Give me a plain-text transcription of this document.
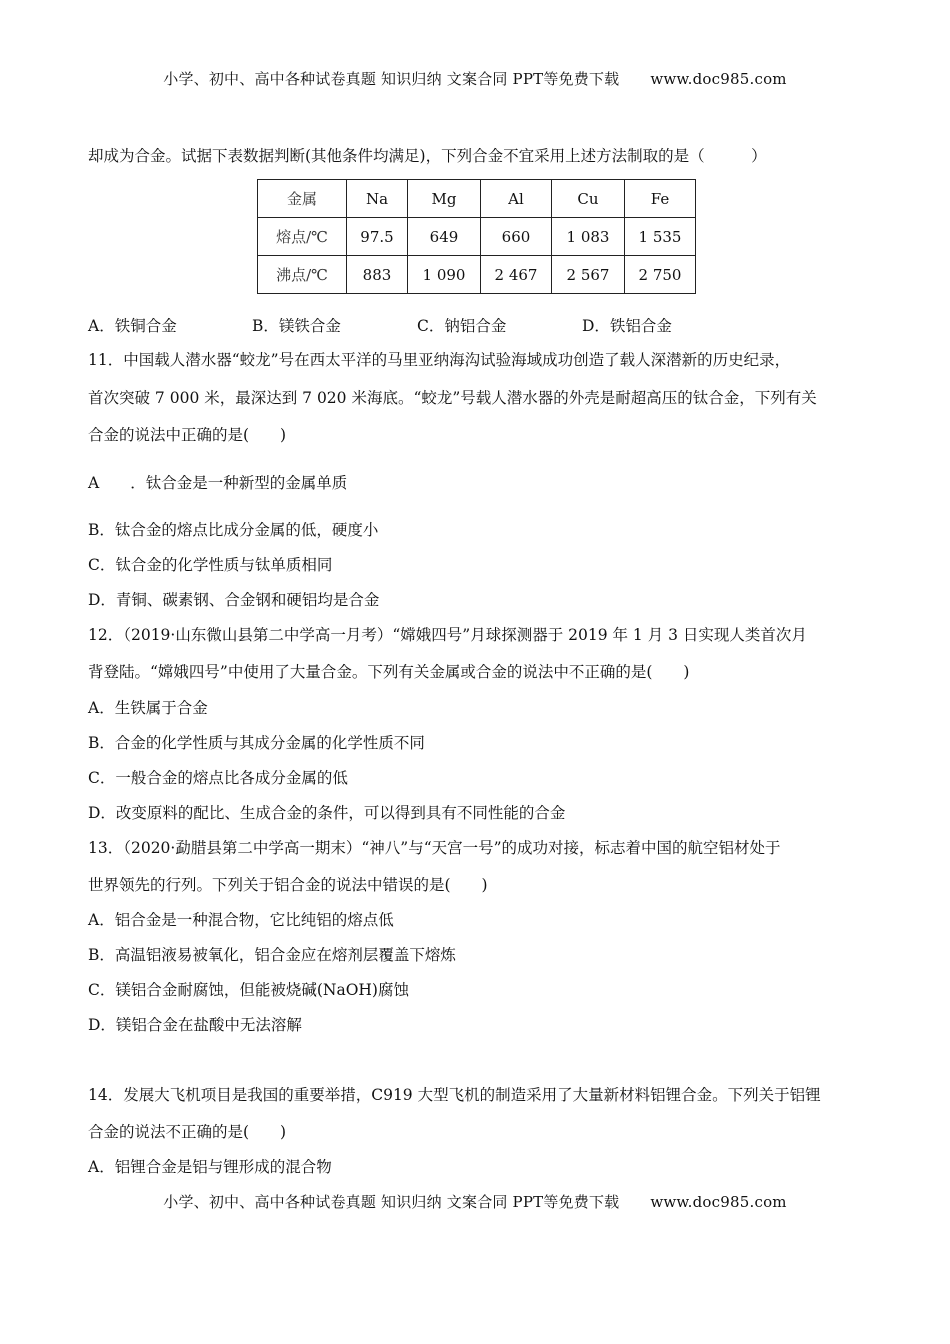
小学、初中、高中各种试卷真题 知识归纳 文案合同 PPT等免费下载 www.doc985.com
却成为合金。试据下表数据判断(其他条件均满足)，下列合金不宜采用上述方法制取的是（　　　）
金属	Na	Mg	Al	Cu	Fe
熔点/℃	97.5	649	660	1 083	1 535
沸点/℃	883	1 090	2 467	2 567	2 750
A．铁铜合金	B．镁铁合金	C．钠铝合金	D．铁铝合金
11．中国载人潜水器“蛟龙”号在西太平洋的马里亚纳海沟试验海域成功创造了载人深潜新的历史纪录，
首次突破 7 000 米，最深达到 7 020 米海底。“蛟龙”号载人潜水器的外壳是耐超高压的钛合金，下列有关
合金的说法中正确的是(　　)
A　　．钛合金是一种新型的金属单质
B．钛合金的熔点比成分金属的低，硬度小
C．钛合金的化学性质与钛单质相同
D．青铜、碳素钢、合金钢和硬铝均是合金
12．（2019·山东微山县第二中学高一月考）“嫦娥四号”月球探测器于 2019 年 1 月 3 日实现人类首次月
背登陆。“嫦娥四号”中使用了大量合金。下列有关金属或合金的说法中不正确的是(　　)
A．生铁属于合金
B．合金的化学性质与其成分金属的化学性质不同
C．一般合金的熔点比各成分金属的低
D．改变原料的配比、生成合金的条件，可以得到具有不同性能的合金
13．（2020·勐腊县第二中学高一期末）“神八”与“天宫一号”的成功对接，标志着中国的航空铝材处于
世界领先的行列。下列关于铝合金的说法中错误的是(　　)
A．铝合金是一种混合物，它比纯铝的熔点低
B．高温铝液易被氧化，铝合金应在熔剂层覆盖下熔炼
C．镁铝合金耐腐蚀，但能被烧碱(NaOH)腐蚀
D．镁铝合金在盐酸中无法溶解
14．发展大飞机项目是我国的重要举措，C919 大型飞机的制造采用了大量新材料铝锂合金。下列关于铝锂
合金的说法不正确的是(　　)
A．铝锂合金是铝与锂形成的混合物
小学、初中、高中各种试卷真题 知识归纳 文案合同 PPT等免费下载 www.doc985.com
